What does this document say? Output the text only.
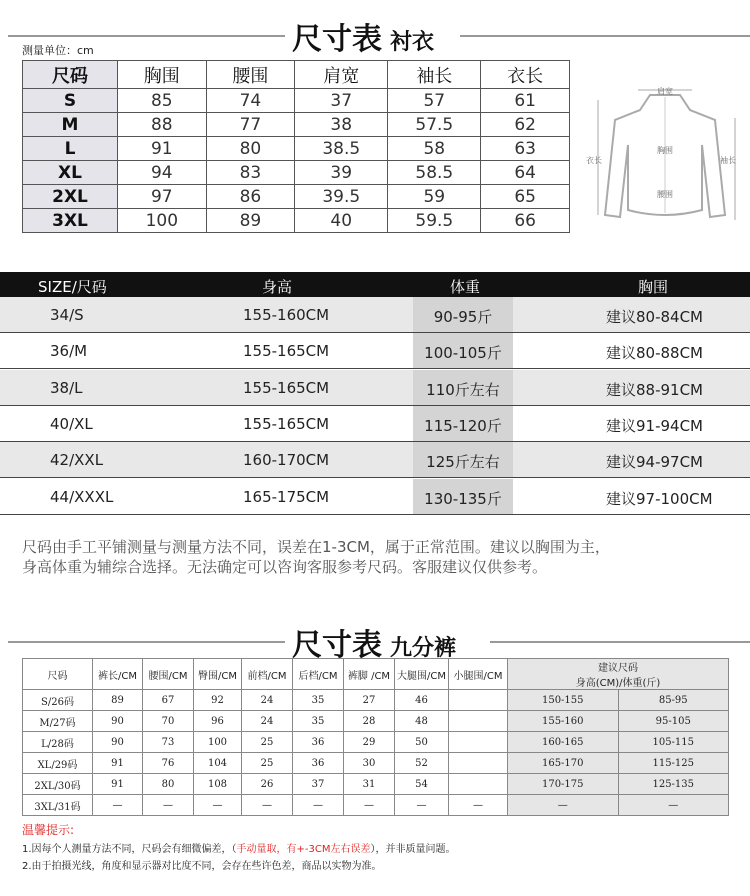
尺寸表 衬衣
测量单位：cm
尺码	胸围	腰围	肩宽	袖长	衣长
S	85	74	37	57	61
M	88	77	38	57.5	62
L	91	80	38.5	58	63
XL	94	83	39	58.5	64
2XL	97	86	39.5	59	65
3XL	100	89	40	59.5	66
肩宽
衣长	袖长
胸围
腰围
SIZE/尺码	身高	体重	胸围
34/S	155-160CM	90-95斤	建议80-84CM
36/M	155-165CM	100-105斤	建议80-88CM
38/L	155-165CM	110斤左右	建议88-91CM
40/XL	155-165CM	115-120斤	建议91-94CM
42/XXL	160-170CM	125斤左右	建议94-97CM
44/XXXL	165-175CM	130-135斤	建议97-100CM
尺码由手工平铺测量与测量方法不同，误差在1-3CM，属于正常范围。建议以胸围为主，
身高体重为辅综合选择。无法确定可以咨询客服参考尺码。客服建议仅供参考。
尺寸表 九分裤
尺码	裤长/CM	腰围/CM	臀围/CM	前档/CM	后档/CM	裤脚 /CM	大腿围/CM	小腿围/CM	建议尺码
身高(CM)/体重(斤)	

S/26码	89	67	92	24	35	27	46		150-155	85-95
M/27码	90	70	96	24	35	28	48		155-160	95-105
L/28码	90	73	100	25	36	29	50		160-165	105-115
XL/29码	91	76	104	25	36	30	52		165-170	115-125
2XL/30码	91	80	108	26	37	31	54		170-175	125-135
3XL/31码	—	—	—	—	—	—	—	—	—	—
温馨提示:
1.因每个人测量方法不同，尺码会有细微偏差，（手动量取，有+-3CM左右误差），并非质量问题。
2.由于拍摄光线，角度和显示器对比度不同，会存在些许色差，商品以实物为准。
